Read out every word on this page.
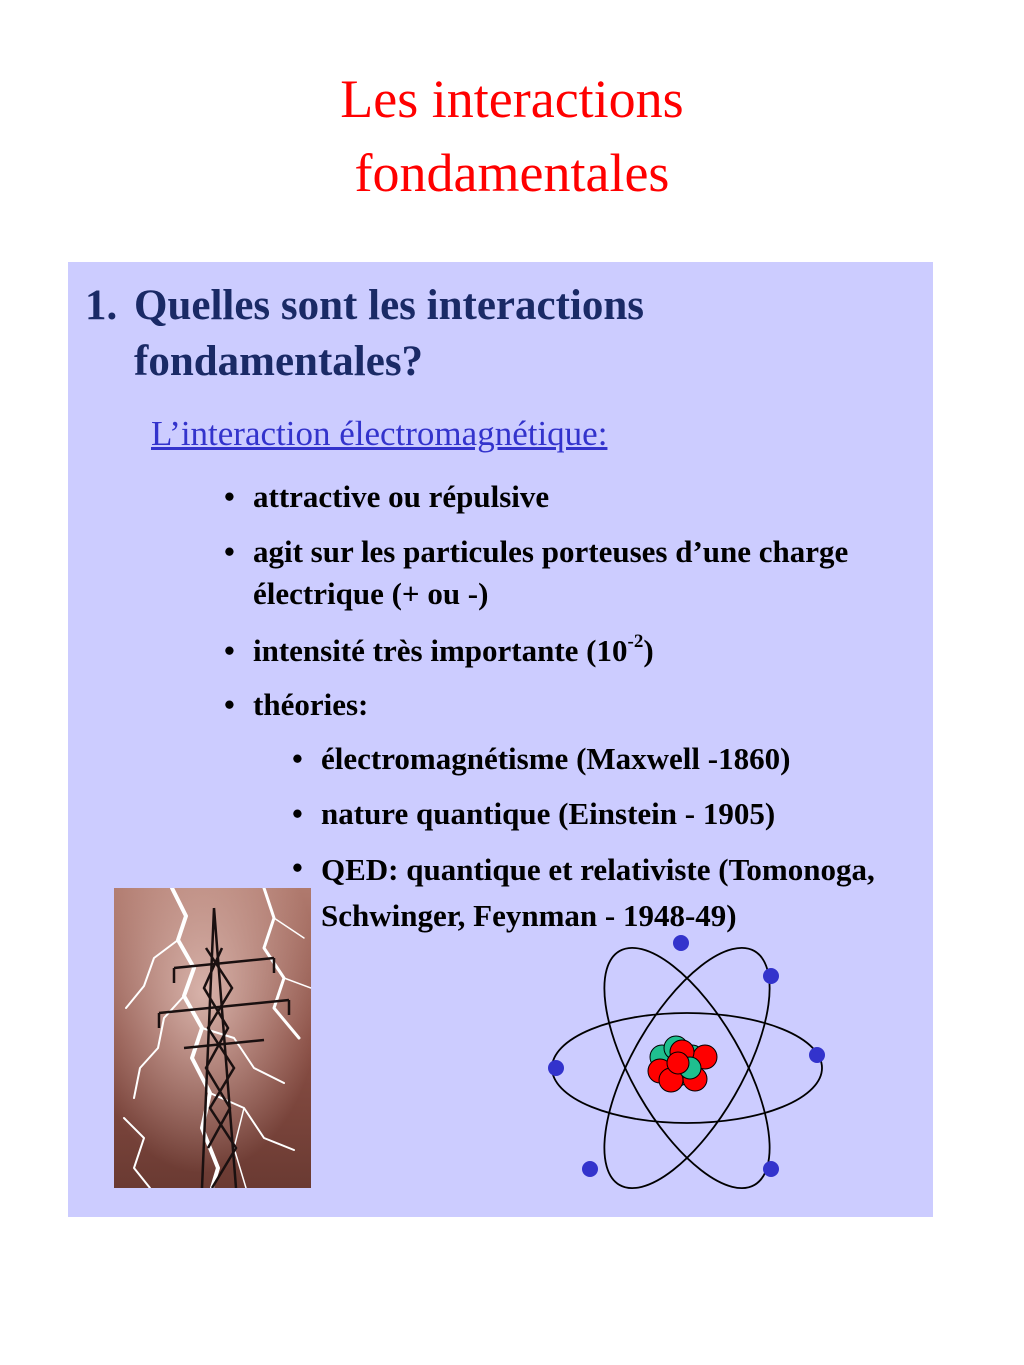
Les interactions
fondamentales
1. Quelles sont les interactions fondamentales?
L’interaction électromagnétique:
• attractive ou répulsive
• agit sur les particules porteuses d’une charge électrique (+ ou -)
• intensité très importante $(10^{-2})$
• théories:
• électromagnétisme (Maxwell -1860)
• nature quantique (Einstein - 1905)
• QED: quantique et relativiste (Tomonoga, Schwinger, Feynman - 1948-49)
